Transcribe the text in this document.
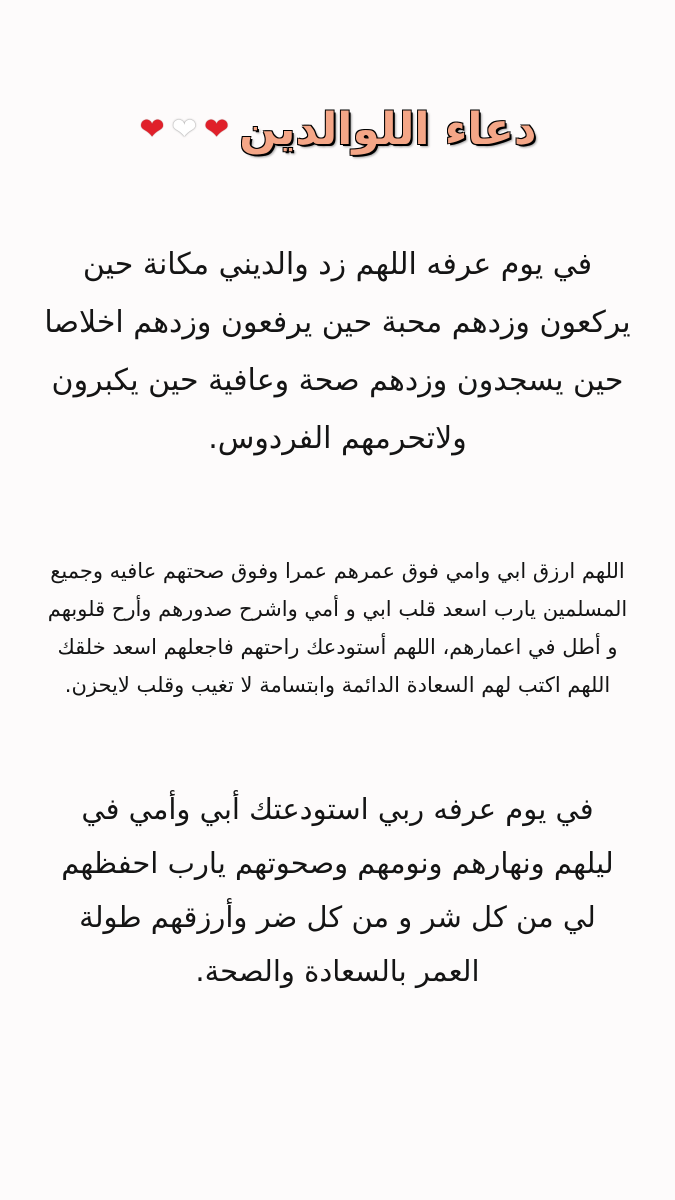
دعاء اللوالدين ❤ ❤ ❤

في يوم عرفه اللهم زد والديني مكانة حين يركعون وزدهم محبة حين يرفعون وزدهم اخلاصا حين يسجدون وزدهم صحة وعافية حين يكبرون ولاتحرمهم الفردوس.

اللهم ارزق ابي وامي فوق عمرهم عمرا وفوق صحتهم عافيه وجميع المسلمين يارب اسعد قلب ابي و أمي واشرح صدورهم وأرح قلوبهم و أطل في اعمارهم، اللهم أستودعك راحتهم فاجعلهم اسعد خلقك اللهم اكتب لهم السعادة الدائمة وابتسامة لا تغيب وقلب لايحزن.

في يوم عرفه ربي استودعتك أبي وأمي في ليلهم ونهارهم ونومهم وصحوتهم يارب احفظهم لي من كل شر و من كل ضر وأرزقهم طولة العمر بالسعادة والصحة.
